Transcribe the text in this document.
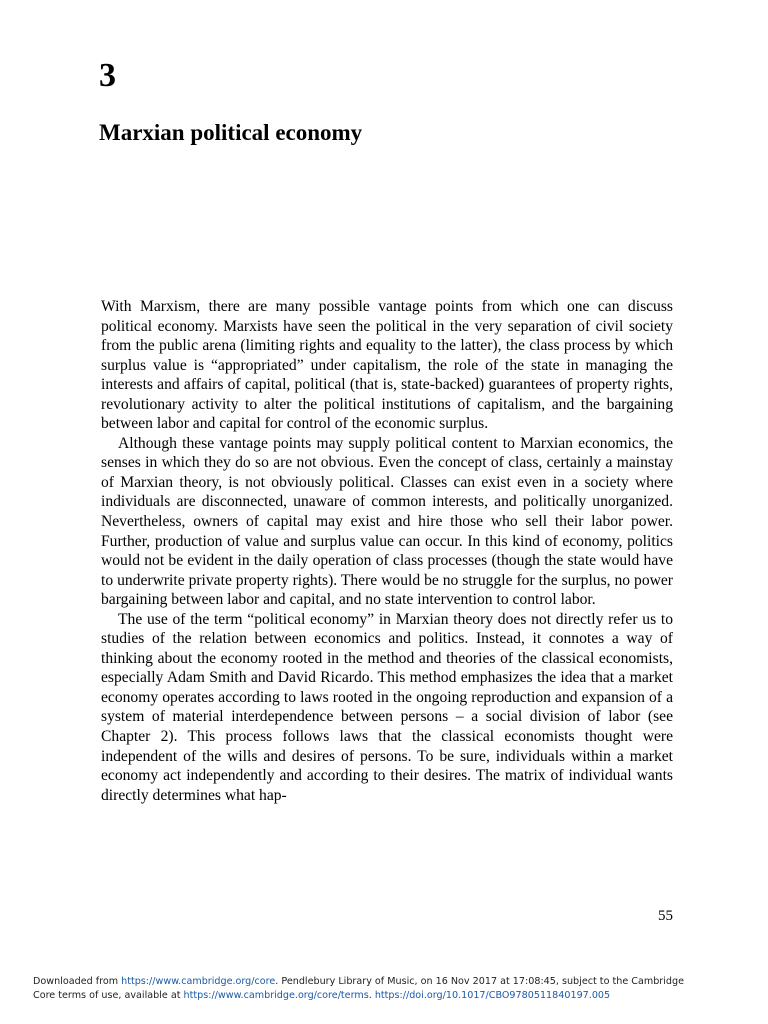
3
Marxian political economy

With Marxism, there are many possible vantage points from which one can discuss political economy. Marxists have seen the political in the very separation of civil society from the public arena (limiting rights and equality to the latter), the class process by which surplus value is “appropriated” under capitalism, the role of the state in managing the interests and affairs of capital, political (that is, state-backed) guarantees of property rights, revolutionary activity to alter the political institutions of capitalism, and the bargaining between labor and capital for control of the economic surplus.

Although these vantage points may supply political content to Marxian economics, the senses in which they do so are not obvious. Even the concept of class, certainly a mainstay of Marxian theory, is not obviously political. Classes can exist even in a society where individuals are disconnected, unaware of common interests, and politically unorganized. Nevertheless, owners of capital may exist and hire those who sell their labor power. Further, production of value and surplus value can occur. In this kind of economy, politics would not be evident in the daily operation of class processes (though the state would have to underwrite private property rights). There would be no struggle for the surplus, no power bargaining between labor and capital, and no state intervention to control labor.

The use of the term “political economy” in Marxian theory does not directly refer us to studies of the relation between economics and politics. Instead, it connotes a way of thinking about the economy rooted in the method and theories of the classical economists, especially Adam Smith and David Ricardo. This method emphasizes the idea that a market economy operates according to laws rooted in the ongoing reproduction and expansion of a system of material interdependence between persons – a social division of labor (see Chapter 2). This process follows laws that the classical economists thought were independent of the wills and desires of persons. To be sure, individuals within a market economy act independently and according to their desires. The matrix of individual wants directly determines what hap-

55
Downloaded from https://www.cambridge.org/core. Pendlebury Library of Music, on 16 Nov 2017 at 17:08:45, subject to the Cambridge
Core terms of use, available at https://www.cambridge.org/core/terms. https://doi.org/10.1017/CBO9780511840197.005
